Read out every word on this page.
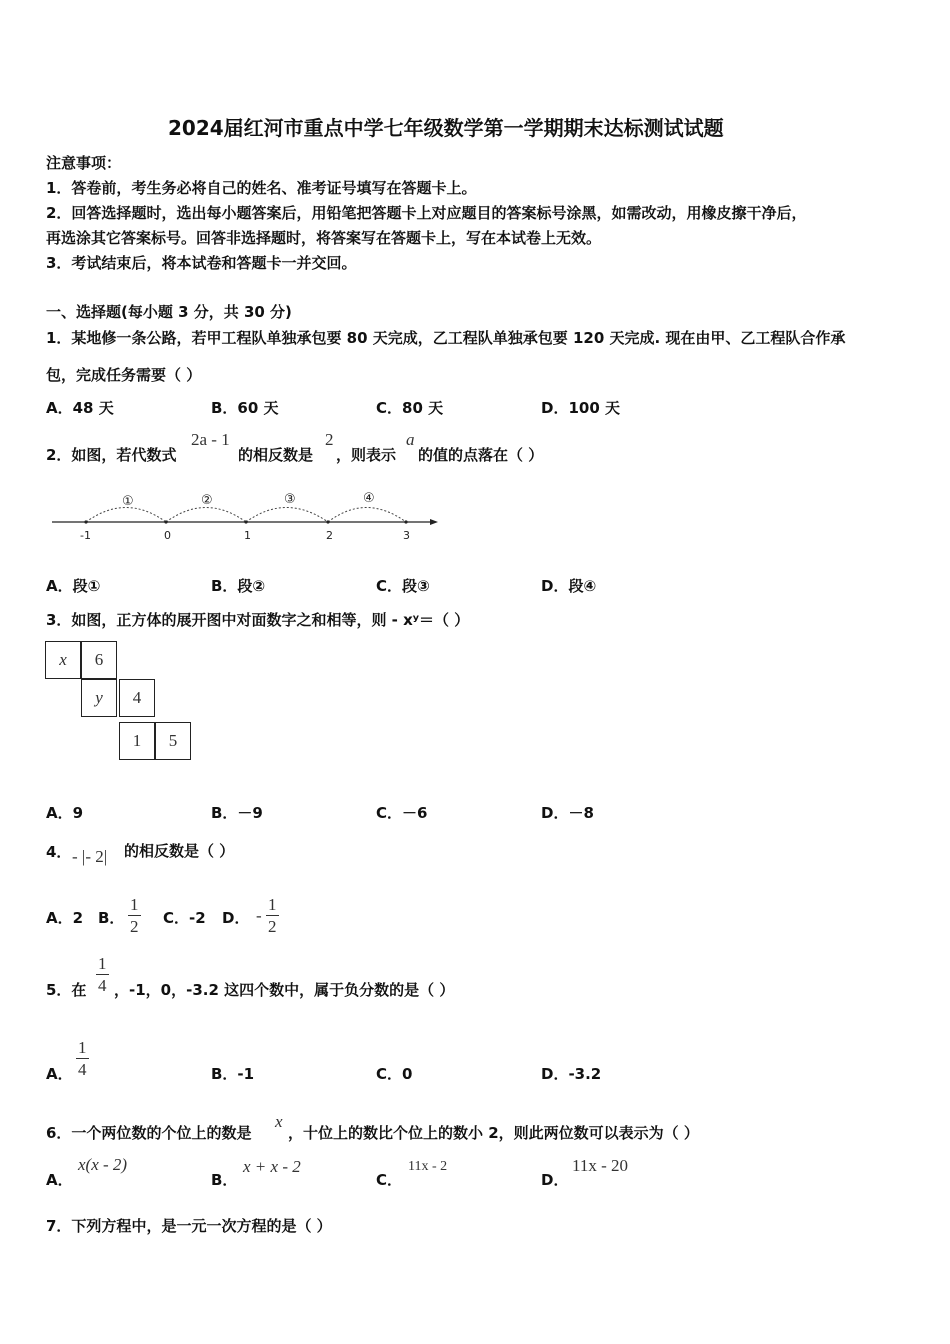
2024届红河市重点中学七年级数学第一学期期末达标测试试题
注意事项：
1．答卷前，考生务必将自己的姓名、准考证号填写在答题卡上。
2．回答选择题时，选出每小题答案后，用铅笔把答题卡上对应题目的答案标号涂黑，如需改动，用橡皮擦干净后，
再选涂其它答案标号。回答非选择题时，将答案写在答题卡上，写在本试卷上无效。
3．考试结束后，将本试卷和答题卡一并交回。
一、选择题(每小题 3 分，共 30 分)
1．某地修一条公路，若甲工程队单独承包要 80 天完成，乙工程队单独承包要 120 天完成. 现在由甲、乙工程队合作承
包，完成任务需要（ ）
A．48 天	B．60 天	C．80 天	D．100 天
2．如图，若代数式
2a - 1
的相反数是
2
，则表示
a
的值的点落在（ ）
①	②	③	④
-1	0	1	2	3
A．段①	B．段②	C．段③	D．段④
3．如图，正方体的展开图中对面数字之和相等，则 - xʸ＝（ ）
x	6
y	4
1	5
A．9	B．－9	C．－6	D．－8
4． - |- 2| 的相反数是（ ）
A．2 B． $\frac{1}{2}$ C．-2 D． - $\frac{1}{2}$
5．在 $\frac{1}{4}$ ，-1，0，-3.2 这四个数中，属于负分数的是（ ）
A． $\frac{1}{4}$	B．-1	C．0	D．-3.2
6．一个两位数的个位上的数是
x
，十位上的数比个位上的数小 2，则此两位数可以表示为（ ）
A．
x(x - 2)
B．
x + x - 2
C．
11x - 2
D．
11x - 20
7．下列方程中，是一元一次方程的是（ ）
